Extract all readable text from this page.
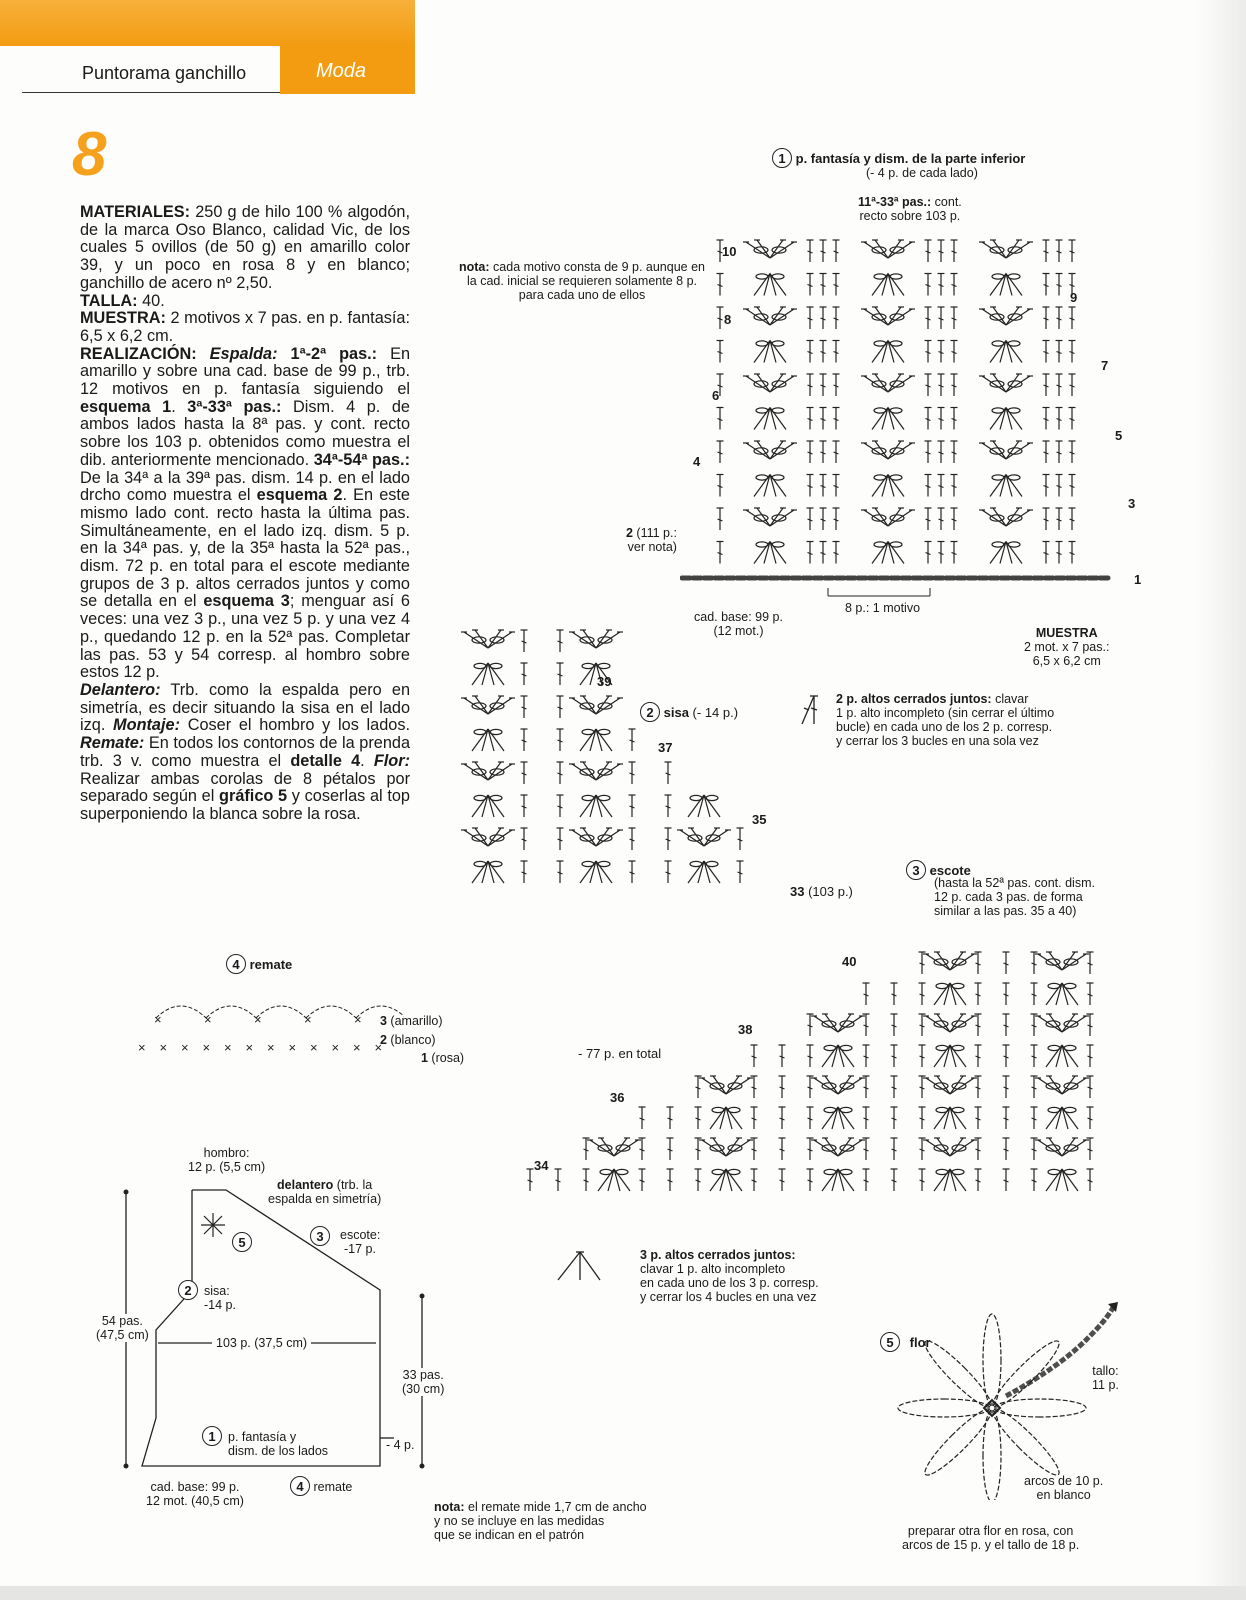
Puntorama ganchillo	Moda
8

MATERIALES: 250 g de hilo 100 % algodón, de la marca Oso Blanco, calidad Vic, de los cuales 5 ovillos (de 50 g) en amarillo color 39, y un poco en rosa 8 y en blanco; ganchillo de acero nº 2,50.
TALLA: 40.
MUESTRA: 2 motivos x 7 pas. en p. fantasía: 6,5 x 6,2 cm.
REALIZACIÓN: Espalda: 1ª-2ª pas.: En amarillo y sobre una cad. base de 99 p., trb. 12 motivos en p. fantasía siguiendo el esquema 1. 3ª-33ª pas.: Dism. 4 p. de ambos lados hasta la 8ª pas. y cont. recto sobre los 103 p. obtenidos como muestra el dib. anteriormente mencionado. 34ª-54ª pas.: De la 34ª a la 39ª pas. dism. 14 p. en el lado drcho como muestra el esquema 2. En este mismo lado cont. recto hasta la última pas. Simultáneamente, en el lado izq. dism. 5 p. en la 34ª pas. y, de la 35ª hasta la 52ª pas., dism. 72 p. en total para el escote mediante grupos de 3 p. altos cerrados juntos y como se detalla en el esquema 3; menguar así 6 veces: una vez 3 p., una vez 5 p. y una vez 4 p., quedando 12 p. en la 52ª pas. Completar las pas. 53 y 54 corresp. al hombro sobre estos 12 p.
Delantero: Trb. como la espalda pero en simetría, es decir situando la sisa en el lado izq. Montaje: Coser el hombro y los lados. Remate: En todos los contornos de la prenda trb. 3 v. como muestra el detalle 4. Flor: Realizar ambas corolas de 8 pétalos por separado según el gráfico 5 y coserlas al top superponiendo la blanca sobre la rosa.

1 p. fantasía y dism. de la parte inferior
(- 4 p. de cada lado)
11ª-33ª pas.: cont.
recto sobre 103 p.
nota: cada motivo consta de 9 p. aunque en
la cad. inicial se requieren solamente 8 p.
para cada uno de ellos
10
9
8
7
6
5
4
3
1
2 (111 p.:
ver nota)
cad. base: 99 p.
(12 mot.)
8 p.: 1 motivo
MUESTRA
2 mot. x 7 pas.:
6,5 x 6,2 cm
39
37
35
33 (103 p.)
2 sisa (- 14 p.)
2 p. altos cerrados juntos: clavar
1 p. alto incompleto (sin cerrar el último
bucle) en cada uno de los 2 p. corresp.
y cerrar los 3 bucles en una sola vez
3 escote
(hasta la 52ª pas. cont. dism.
12 p. cada 3 pas. de forma
similar a las pas. 35 a 40)
40
38
36
34
- 77 p. en total
3 p. altos cerrados juntos:
clavar 1 p. alto incompleto
en cada uno de los 3 p. corresp.
y cerrar los 4 bucles en una vez
4 remate
× × × × × × × × × × × ×
×	×	×	×	× 3 (amarillo)
2 (blanco)
1 (rosa)
hombro:
12 p. (5,5 cm)
delantero (trb. la
espalda en simetría)
5	3	escote:
-17 p.
2 sisa:
-14 p.
54 pas.
(47,5 cm)
103 p. (37,5 cm)
33 pas.
(30 cm)
1 p. fantasía y
dism. de los lados	- 4 p.
cad. base: 99 p.
12 mot. (40,5 cm)
4 remate
nota: el remate mide 1,7 cm de ancho
y no se incluye en las medidas
que se indican en el patrón
5 flor
tallo:
11 p.
arcos de 10 p.
en blanco
preparar otra flor en rosa, con
arcos de 15 p. y el tallo de 18 p.
